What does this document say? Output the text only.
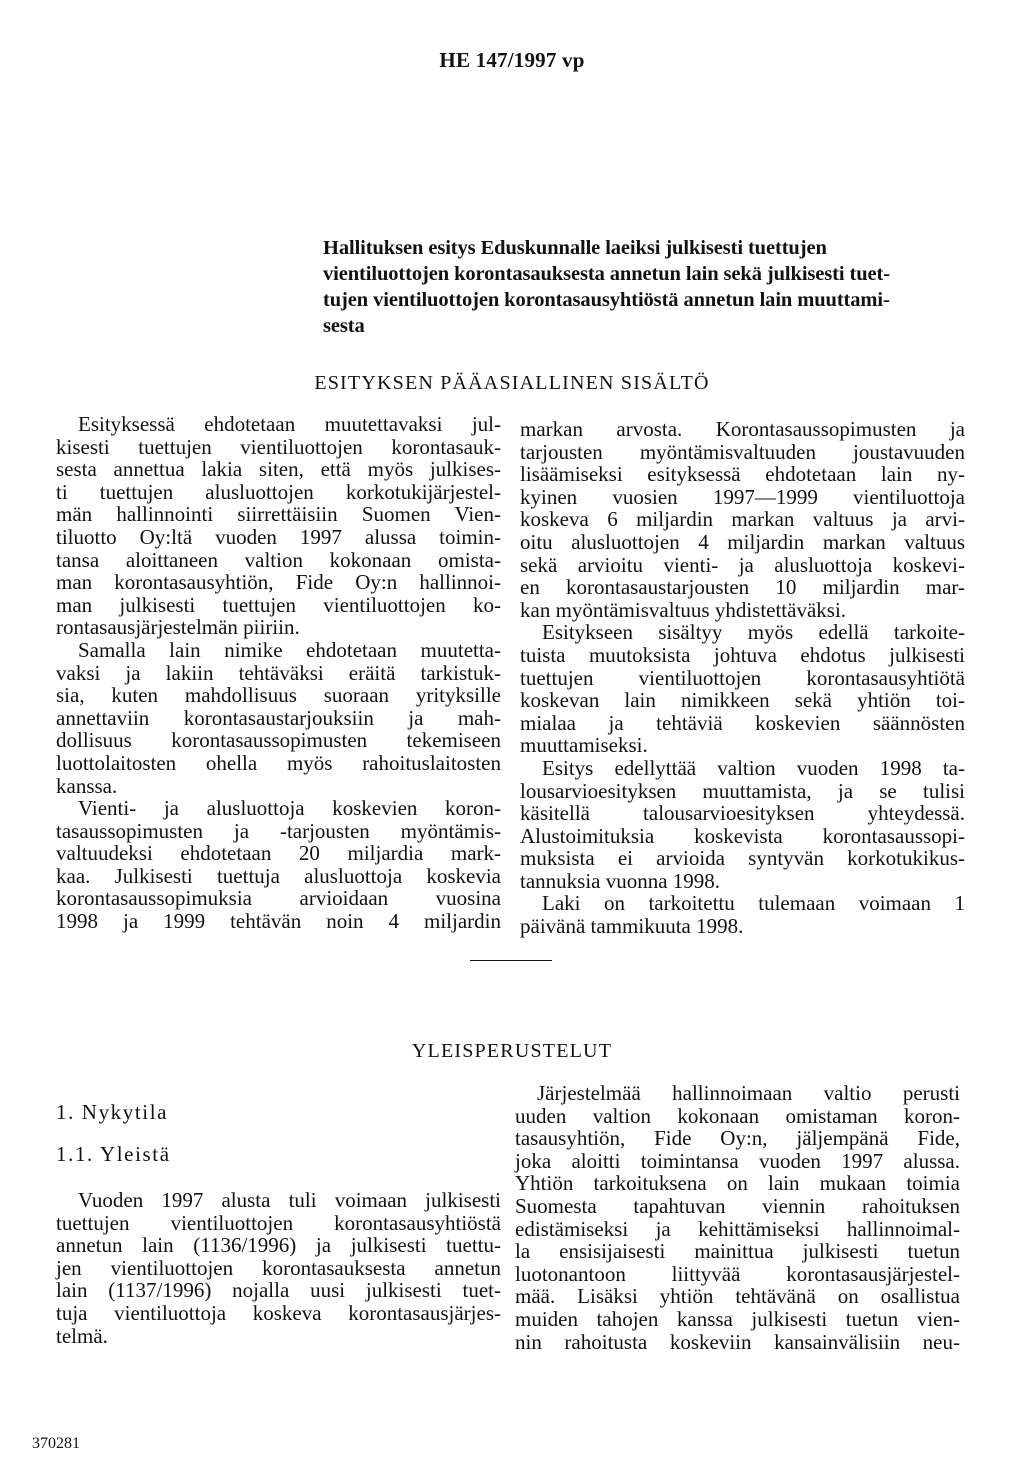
HE 147/1997 vp
Hallituksen esitys Eduskunnalle laeiksi julkisesti tuettujen
vientiluottojen korontasauksesta annetun lain sekä julkisesti tuet-
tujen vientiluottojen korontasausyhtiöstä annetun lain muuttami-
sesta
ESITYKSEN PÄÄASIALLINEN SISÄLTÖ
Esityksessä ehdotetaan muutettavaksi jul-
kisesti tuettujen vientiluottojen korontasauk-
sesta annettua lakia siten, että myös julkises-
ti tuettujen alusluottojen korkotukijärjestel-
män hallinnointi siirrettäisiin Suomen Vien-
tiluotto Oy:ltä vuoden 1997 alussa toimin-
tansa aloittaneen valtion kokonaan omista-
man korontasausyhtiön, Fide Oy:n hallinnoi-
man julkisesti tuettujen vientiluottojen ko-
rontasausjärjestelmän piiriin.
Samalla lain nimike ehdotetaan muutetta-
vaksi ja lakiin tehtäväksi eräitä tarkistuk-
sia, kuten mahdollisuus suoraan yrityksille
annettaviin korontasaustarjouksiin ja mah-
dollisuus korontasaussopimusten tekemiseen
luottolaitosten ohella myös rahoituslaitosten
kanssa.
Vienti- ja alusluottoja koskevien koron-
tasaussopimusten ja -tarjousten myöntämis-
valtuudeksi ehdotetaan 20 miljardia mark-
kaa. Julkisesti tuettuja alusluottoja koskevia
korontasaussopimuksia arvioidaan vuosina
1998 ja 1999 tehtävän noin 4 miljardin
markan arvosta. Korontasaussopimusten ja
tarjousten myöntämisvaltuuden joustavuuden
lisäämiseksi esityksessä ehdotetaan lain ny-
kyinen vuosien 1997—1999 vientiluottoja
koskeva 6 miljardin markan valtuus ja arvi-
oitu alusluottojen 4 miljardin markan valtuus
sekä arvioitu vienti- ja alusluottoja koskevi-
en korontasaustarjousten 10 miljardin mar-
kan myöntämisvaltuus yhdistettäväksi.
Esitykseen sisältyy myös edellä tarkoite-
tuista muutoksista johtuva ehdotus julkisesti
tuettujen vientiluottojen korontasausyhtiötä
koskevan lain nimikkeen sekä yhtiön toi-
mialaa ja tehtäviä koskevien säännösten
muuttamiseksi.
Esitys edellyttää valtion vuoden 1998 ta-
lousarvioesityksen muuttamista, ja se tulisi
käsitellä talousarvioesityksen yhteydessä.
Alustoimituksia koskevista korontasaussopi-
muksista ei arvioida syntyvän korkotukikus-
tannuksia vuonna 1998.
Laki on tarkoitettu tulemaan voimaan 1
päivänä tammikuuta 1998.
YLEISPERUSTELUT
1. Nykytila
1.1. Yleistä
Vuoden 1997 alusta tuli voimaan julkisesti
tuettujen vientiluottojen korontasausyhtiöstä
annetun lain (1136/1996) ja julkisesti tuettu-
jen vientiluottojen korontasauksesta annetun
lain (1137/1996) nojalla uusi julkisesti tuet-
tuja vientiluottoja koskeva korontasausjärjes-
telmä.
Järjestelmää hallinnoimaan valtio perusti
uuden valtion kokonaan omistaman koron-
tasausyhtiön, Fide Oy:n, jäljempänä Fide,
joka aloitti toimintansa vuoden 1997 alussa.
Yhtiön tarkoituksena on lain mukaan toimia
Suomesta tapahtuvan viennin rahoituksen
edistämiseksi ja kehittämiseksi hallinnoimal-
la ensisijaisesti mainittua julkisesti tuetun
luotonantoon liittyvää korontasausjärjestel-
mää. Lisäksi yhtiön tehtävänä on osallistua
muiden tahojen kanssa julkisesti tuetun vien-
nin rahoitusta koskeviin kansainvälisiin neu-
370281
